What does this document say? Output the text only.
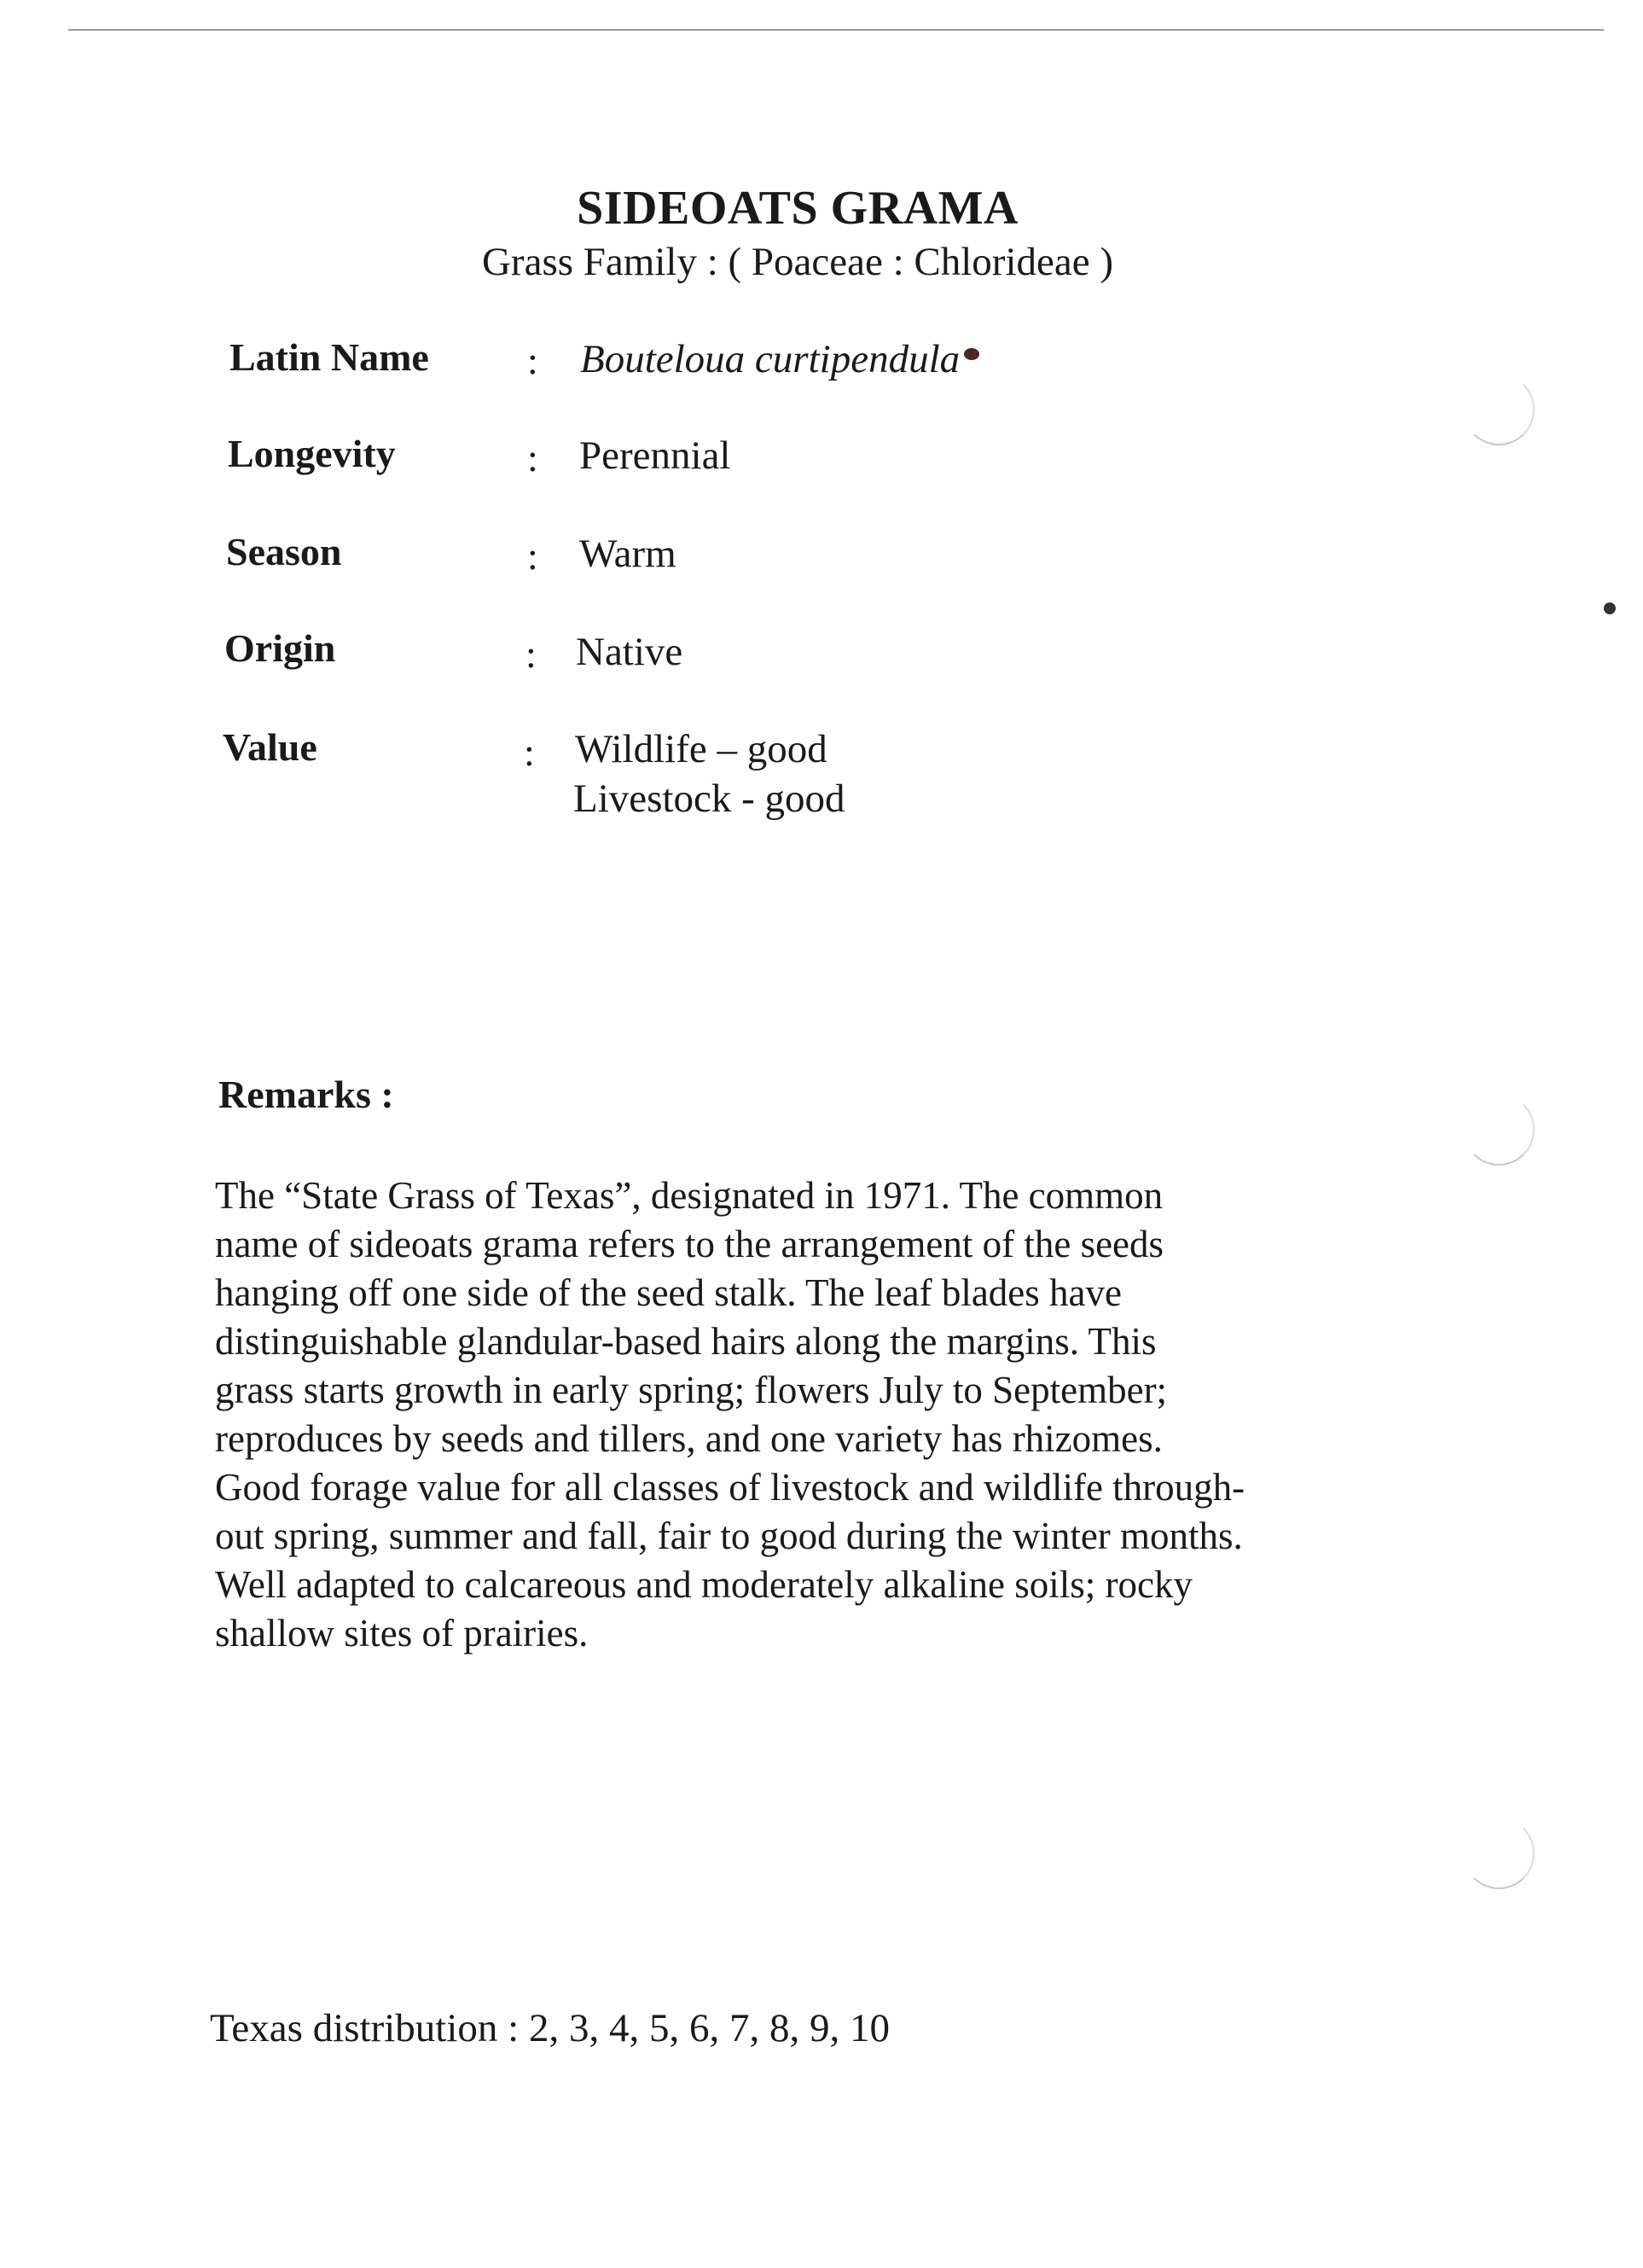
SIDEOATS GRAMA
Grass Family : ( Poaceae : Chlorideae )
Latin Name	: Bouteloua curtipendula
Longevity	: Perennial
Season	: Warm
Origin	: Native
Value	: Wildlife – good
Livestock - good
Remarks :
The “State Grass of Texas”, designated in 1971. The common
name of sideoats grama refers to the arrangement of the seeds
hanging off one side of the seed stalk. The leaf blades have
distinguishable glandular-based hairs along the margins. This
grass starts growth in early spring; flowers July to September;
reproduces by seeds and tillers, and one variety has rhizomes.
Good forage value for all classes of livestock and wildlife through-
out spring, summer and fall, fair to good during the winter months.
Well adapted to calcareous and moderately alkaline soils; rocky
shallow sites of prairies.
Texas distribution : 2, 3, 4, 5, 6, 7, 8, 9, 10
